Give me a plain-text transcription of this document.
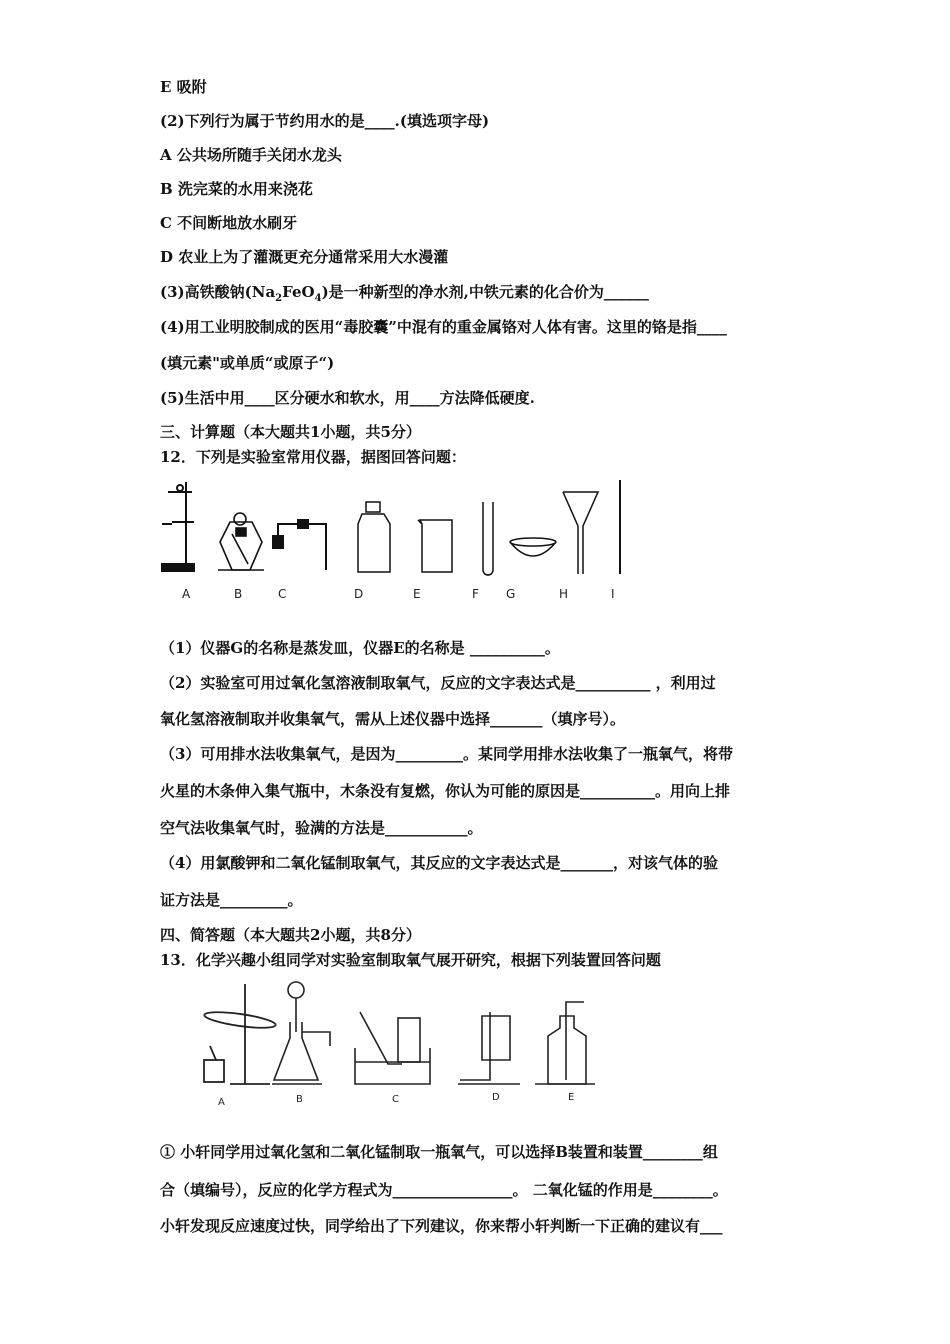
E 吸附
(2)下列行为属于节约用水的是____.(填选项字母)
A 公共场所随手关闭水龙头
B 洗完菜的水用来浇花
C 不间断地放水刷牙
D 农业上为了灌溉更充分通常采用大水漫灌
(3)高铁酸钠$(Na_2FeO_4)$是一种新型的净水剂,中铁元素的化合价为______
(4)用工业明胶制成的医用“毒胶囊”中混有的重金属铬对人体有害。这里的铬是指____
(填元素"或单质“或原子“)
(5)生活中用____区分硬水和软水，用____方法降低硬度.
三、计算题（本大题共1小题，共5分）
12．下列是实验室常用仪器，据图回答问题：
A	B	C	D	E	F G	H	I
（1）仪器G的名称是蒸发皿，仪器E的名称是 __________。
（2）实验室可用过氧化氢溶液制取氧气，反应的文字表达式是__________ ，利用过
氧化氢溶液制取并收集氧气，需从上述仪器中选择_______（填序号）。
（3）可用排水法收集氧气，是因为_________。某同学用排水法收集了一瓶氧气，将带
火星的木条伸入集气瓶中，木条没有复燃，你认为可能的原因是__________。用向上排
空气法收集氧气时，验满的方法是___________。
（4）用氯酸钾和二氧化锰制取氧气，其反应的文字表达式是_______，对该气体的验
证方法是_________。
四、简答题（本大题共2小题，共8分）
13．化学兴趣小组同学对实验室制取氧气展开研究，根据下列装置回答问题
A	B	C	D	E
① 小轩同学用过氧化氢和二氧化锰制取一瓶氧气，可以选择B装置和装置________组
合（填编号），反应的化学方程式为________________。 二氧化锰的作用是________。
小轩发现反应速度过快，同学给出了下列建议，你来帮小轩判断一下正确的建议有___
